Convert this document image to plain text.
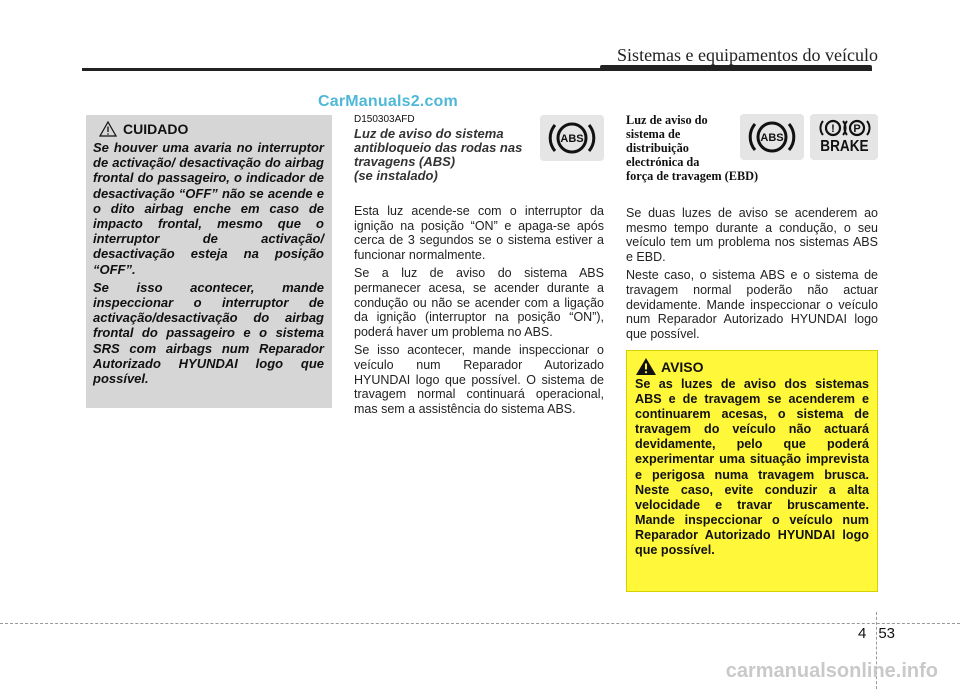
Sistemas e equipamentos do veículo
CarManuals2.com
CUIDADO

Se houver uma avaria no interruptor de activação/ desactivação do airbag frontal do passageiro, o indicador de desactivação “OFF” não se acende e o dito airbag enche em caso de impacto frontal, mesmo que o interruptor de activação/ desactivação esteja na posição “OFF”.

Se isso acontecer, mande inspeccionar o interruptor de activação/desactivação do airbag frontal do passageiro e o sistema SRS com airbags num Reparador Autorizado HYUNDAI logo que possível.

D150303AFD
Luz de aviso do sistema
antibloqueio das rodas nas
travagens (ABS)
(se instalado)
ABS

Esta luz acende-se com o interruptor da ignição na posição “ON” e apaga-se após cerca de 3 segundos se o sistema estiver a funcionar normalmente.

Se a luz de aviso do sistema ABS permanecer acesa, se acender durante a condução ou não se acender com a ligação da ignição (interruptor na posição “ON”), poderá haver um problema no ABS.

Se isso acontecer, mande inspeccionar o veículo num Reparador Autorizado HYUNDAI logo que possível. O sistema de travagem normal continuará operacional, mas sem a assistência do sistema ABS.

Luz de aviso do
sistema de
distribuição
electrónica da
força de travagem (EBD)
ABS
! P
BRAKE

Se duas luzes de aviso se acenderem ao mesmo tempo durante a condução, o seu veículo tem um problema nos sistemas ABS e EBD.

Neste caso, o sistema ABS e o sistema de travagem normal poderão não actuar devidamente. Mande inspeccionar o veículo num Reparador Autorizado HYUNDAI logo que possível.

AVISO
Se as luzes de aviso dos sistemas ABS e de travagem se acenderem e continuarem acesas, o sistema de travagem do veículo não actuará devidamente, pelo que poderá experimentar uma situação imprevista e perigosa numa travagem brusca. Neste caso, evite conduzir a alta velocidade e travar bruscamente. Mande inspeccionar o veículo num Reparador Autorizado HYUNDAI logo que possível.
4 53
carmanualsonline.info
